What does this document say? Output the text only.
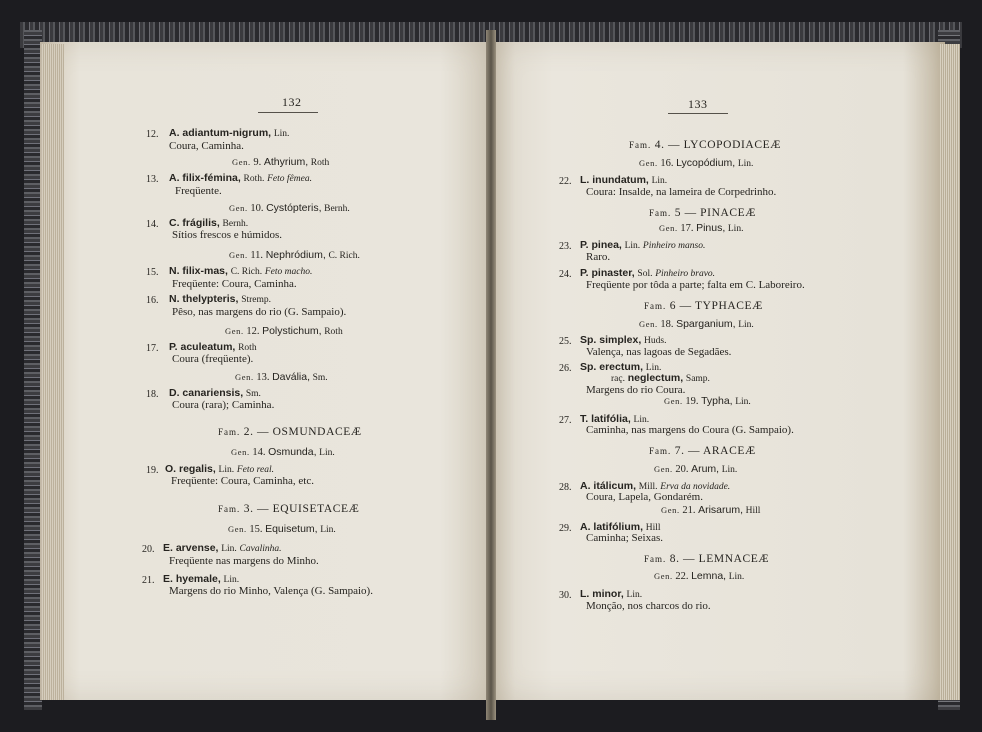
132
12. A. adiantum-nigrum, Lin.
Coura, Caminha.
Gen. 9. Athyrium, Roth
13. A. filix-fémina, Roth. Feto fêmea.
Freqüente.
Gen. 10. Cystópteris, Bernh.
14. C. frágilis, Bernh.
Sítios frescos e húmidos.
Gen. 11. Nephródium, C. Rich.
15. N. filix-mas, C. Rich. Feto macho.
Freqüente: Coura, Caminha.
16. N. thelypteris, Stremp.
Pêso, nas margens do rio (G. Sampaio).
Gen. 12. Polystichum, Roth
17. P. aculeatum, Roth
Coura (freqüente).
Gen. 13. Davália, Sm.
18. D. canariensis, Sm.
Coura (rara); Caminha.
Fam. 2. — OSMUNDACEÆ
Gen. 14. Osmunda, Lin.
19. O. regalis, Lin. Feto real.
Freqüente: Coura, Caminha, etc.
Fam. 3. — EQUISETACEÆ
Gen. 15. Equisetum, Lin.
20. E. arvense, Lin. Cavalinha.
Freqüente nas margens do Minho.
21. E. hyemale, Lin.
Margens do rio Minho, Valença (G. Sampaio).
133
Fam. 4. — LYCOPODIACEÆ
Gen. 16. Lycopódium, Lin.
22. L. inundatum, Lin.
Coura: Insalde, na lameira de Corpedrinho.
Fam. 5 — PINACEÆ
Gen. 17. Pinus, Lin.
23. P. pinea, Lin. Pinheiro manso.
Raro.
24. P. pinaster, Sol. Pinheiro bravo.
Freqüente por tôda a parte; falta em C. Laboreiro.
Fam. 6 — TYPHACEÆ
Gen. 18. Sparganium, Lin.
25. Sp. simplex, Huds.
Valença, nas lagoas de Segadães.
26. Sp. erectum, Lin.
raç. neglectum, Samp.
Margens do rio Coura.
Gen. 19. Typha, Lin.
27. T. latifólia, Lin.
Caminha, nas margens do Coura (G. Sampaio).
Fam. 7. — ARACEÆ
Gen. 20. Arum, Lin.
28. A. itálicum, Mill. Erva da novidade.
Coura, Lapela, Gondarém.
Gen. 21. Arisarum, Hill
29. A. latifólium, Hill
Caminha; Seixas.
Fam. 8. — LEMNACEÆ
Gen. 22. Lemna, Lin.
30. L. minor, Lin.
Monção, nos charcos do rio.
